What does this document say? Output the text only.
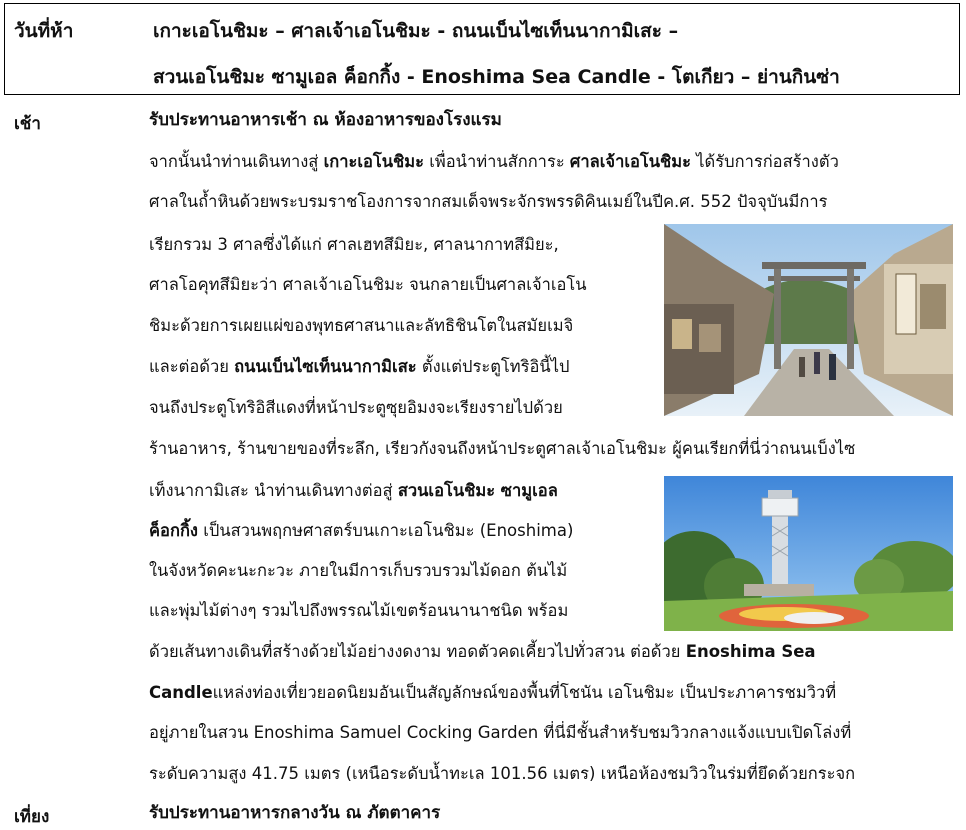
วันที่ห้า	เกาะเอโนชิมะ – ศาลเจ้าเอโนชิมะ - ถนนเบ็นไซเท็นนากามิเสะ –
สวนเอโนชิมะ ซามูเอล ค็อกกิ้ง - Enoshima Sea Candle - โตเกียว – ย่านกินซ่า
เช้า	รับประทานอาหารเช้า ณ ห้องอาหารของโรงแรม
จากนั้นนำท่านเดินทางสู่ เกาะเอโนชิมะ เพื่อนำท่านสักการะ ศาลเจ้าเอโนชิมะ ได้รับการก่อสร้างตัว
ศาลในถ้ำหินด้วยพระบรมราชโองการจากสมเด็จพระจักรพรรดิคินเมย์ในปีค.ศ. 552 ปัจจุบันมีการ
เรียกรวม 3 ศาลซึ่งได้แก่ ศาลเฮทสึมิยะ, ศาลนากาทสึมิยะ,
ศาลโอคุทสึมิยะว่า ศาลเจ้าเอโนชิมะ จนกลายเป็นศาลเจ้าเอโน
ชิมะด้วยการเผยแผ่ของพุทธศาสนาและลัทธิชินโตในสมัยเมจิ
และต่อด้วย ถนนเบ็นไซเท็นนากามิเสะ ตั้งแต่ประตูโทริอินี้ไป
จนถึงประตูโทริอิสีแดงที่หน้าประตูซุยอิมงจะเรียงรายไปด้วย
ร้านอาหาร, ร้านขายของที่ระลึก, เรียวกังจนถึงหน้าประตูศาลเจ้าเอโนชิมะ ผู้คนเรียกที่นี่ว่าถนนเบ็งไซ
เท็งนากามิเสะ นำท่านเดินทางต่อสู่ สวนเอโนชิมะ ซามูเอล
ค็อกกิ้ง เป็นสวนพฤกษศาสตร์บนเกาะเอโนชิมะ (Enoshima)
ในจังหวัดคะนะกะวะ ภายในมีการเก็บรวบรวมไม้ดอก ต้นไม้
และพุ่มไม้ต่างๆ รวมไปถึงพรรณไม้เขตร้อนนานาชนิด พร้อม
ด้วยเส้นทางเดินที่สร้างด้วยไม้อย่างงดงาม ทอดตัวคดเคี้ยวไปทั่วสวน ต่อด้วย Enoshima Sea
Candleแหล่งท่องเที่ยวยอดนิยมอันเป็นสัญลักษณ์ของพื้นที่โชนัน เอโนชิมะ เป็นประภาคารชมวิวที่
อยู่ภายในสวน Enoshima Samuel Cocking Garden ที่นี่มีชั้นสำหรับชมวิวกลางแจ้งแบบเปิดโล่งที่
ระดับความสูง 41.75 เมตร (เหนือระดับน้ำทะเล 101.56 เมตร) เหนือห้องชมวิวในร่มที่ยึดด้วยกระจก
เที่ยง	รับประทานอาหารกลางวัน ณ ภัตตาคาร
